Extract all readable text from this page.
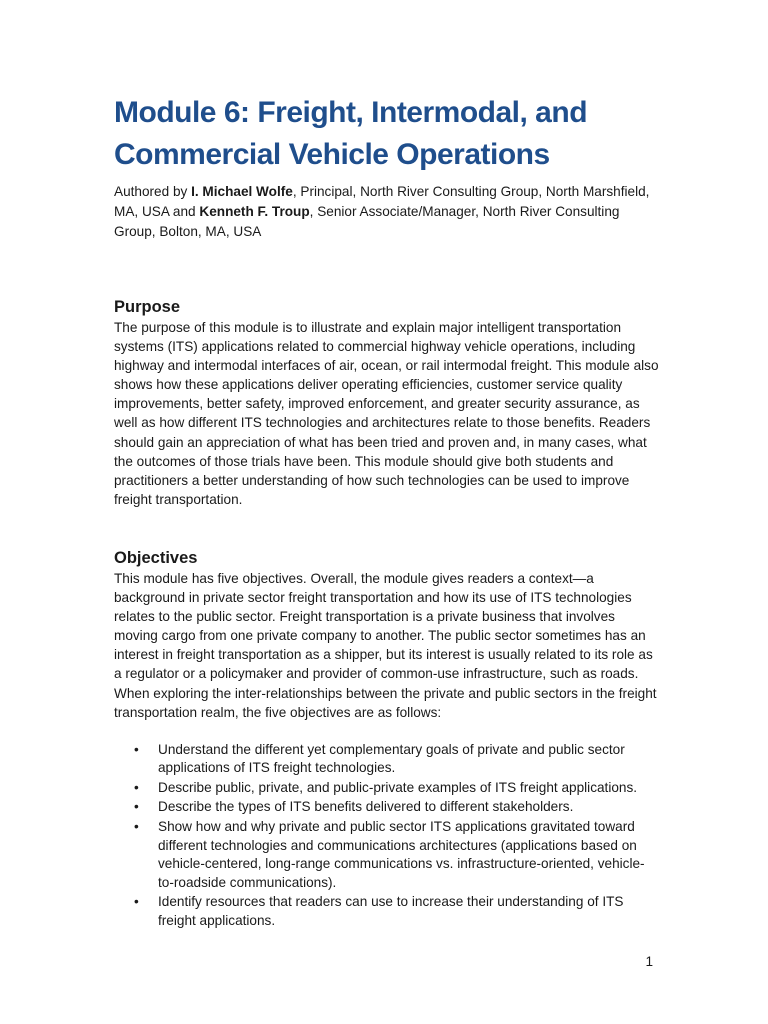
Module 6: Freight, Intermodal, and
Commercial Vehicle Operations

Authored by I. Michael Wolfe, Principal, North River Consulting Group, North Marshfield, MA, USA and Kenneth F. Troup, Senior Associate/Manager, North River Consulting Group, Bolton, MA, USA

Purpose

The purpose of this module is to illustrate and explain major intelligent transportation systems (ITS) applications related to commercial highway vehicle operations, including highway and intermodal interfaces of air, ocean, or rail intermodal freight. This module also shows how these applications deliver operating efficiencies, customer service quality improvements, better safety, improved enforcement, and greater security assurance, as well as how different ITS technologies and architectures relate to those benefits. Readers should gain an appreciation of what has been tried and proven and, in many cases, what the outcomes of those trials have been. This module should give both students and practitioners a better understanding of how such technologies can be used to improve freight transportation.

Objectives

This module has five objectives. Overall, the module gives readers a context—a background in private sector freight transportation and how its use of ITS technologies relates to the public sector. Freight transportation is a private business that involves moving cargo from one private company to another. The public sector sometimes has an interest in freight transportation as a shipper, but its interest is usually related to its role as a regulator or a policymaker and provider of common-use infrastructure, such as roads. When exploring the inter-relationships between the private and public sectors in the freight transportation realm, the five objectives are as follows:

• Understand the different yet complementary goals of private and public sector applications of ITS freight technologies.
• Describe public, private, and public-private examples of ITS freight applications.
• Describe the types of ITS benefits delivered to different stakeholders.
• Show how and why private and public sector ITS applications gravitated toward different technologies and communications architectures (applications based on vehicle-centered, long-range communications vs. infrastructure-oriented, vehicle-to-roadside communications).
• Identify resources that readers can use to increase their understanding of ITS freight applications.
1
